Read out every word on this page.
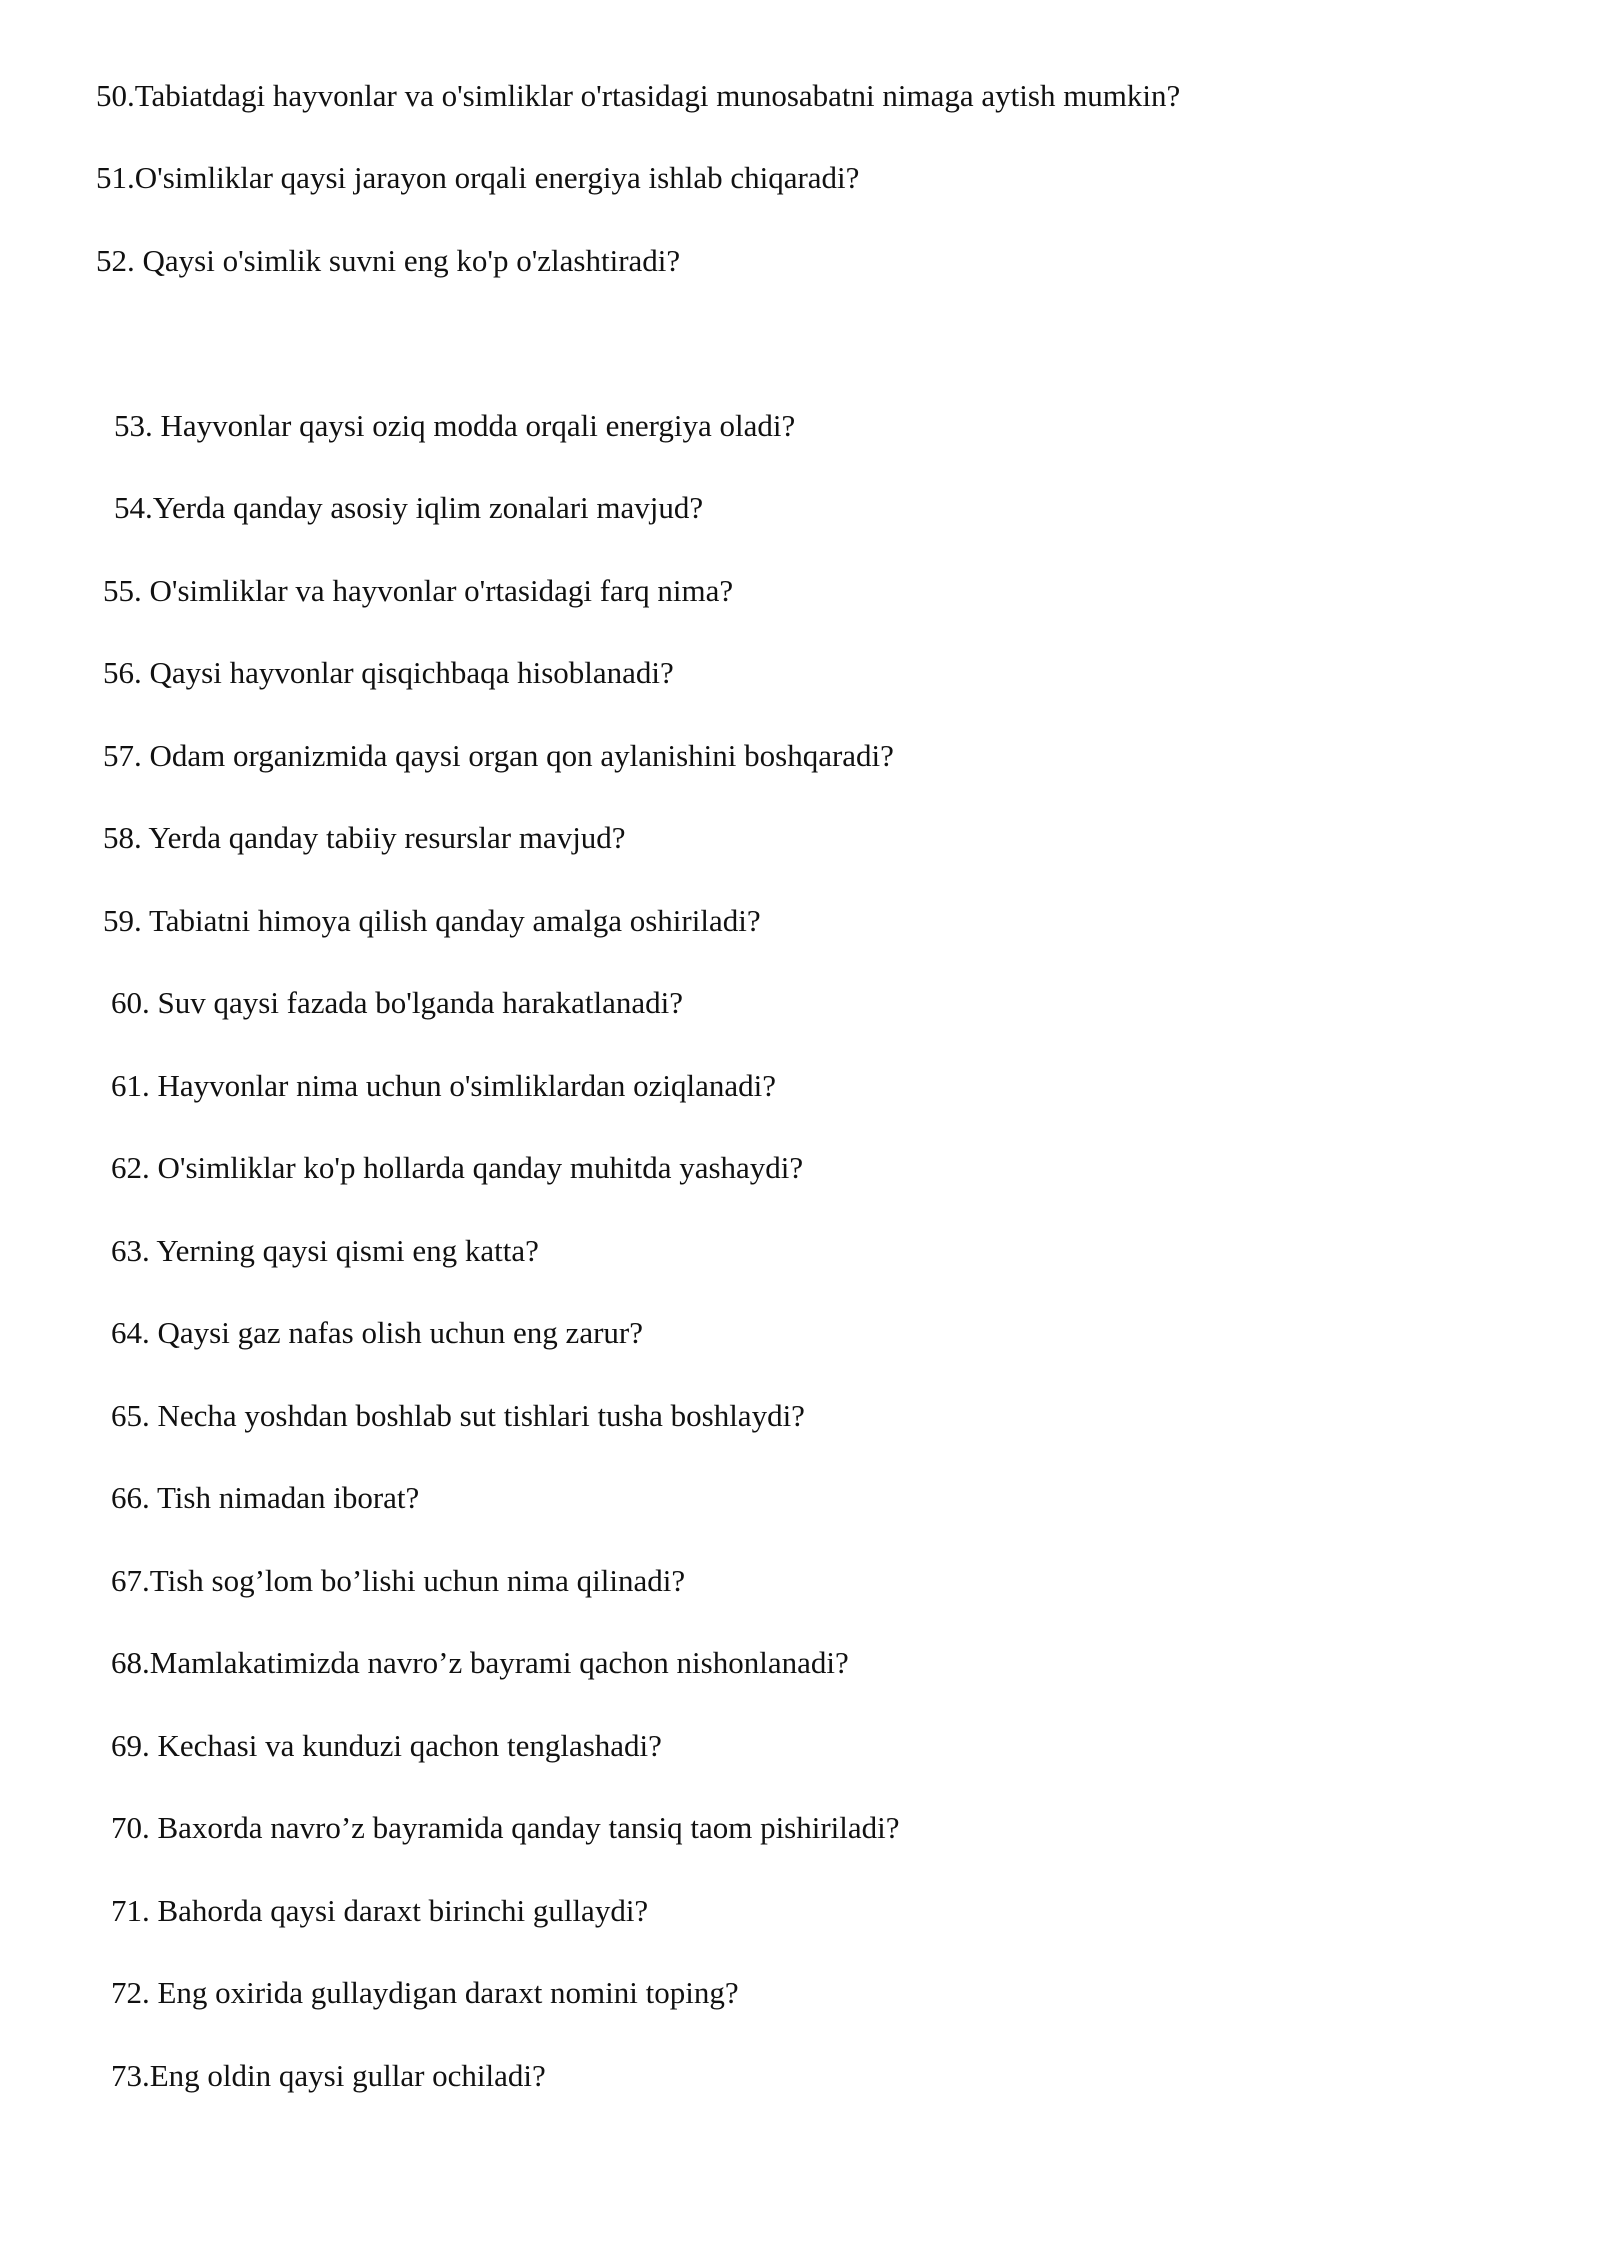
50.Tabiatdagi hayvonlar va o'simliklar o'rtasidagi munosabatni nimaga aytish mumkin?
51.O'simliklar qaysi jarayon orqali energiya ishlab chiqaradi?
52. Qaysi o'simlik suvni eng ko'p o'zlashtiradi?
53. Hayvonlar qaysi oziq modda orqali energiya oladi?
54.Yerda qanday asosiy iqlim zonalari mavjud?
55. O'simliklar va hayvonlar o'rtasidagi farq nima?
56. Qaysi hayvonlar qisqichbaqa hisoblanadi?
57. Odam organizmida qaysi organ qon aylanishini boshqaradi?
58. Yerda qanday tabiiy resurslar mavjud?
59. Tabiatni himoya qilish qanday amalga oshiriladi?
60. Suv qaysi fazada bo'lganda harakatlanadi?
61. Hayvonlar nima uchun o'simliklardan oziqlanadi?
62. O'simliklar ko'p hollarda qanday muhitda yashaydi?
63. Yerning qaysi qismi eng katta?
64. Qaysi gaz nafas olish uchun eng zarur?
65. Necha yoshdan boshlab sut tishlari tusha boshlaydi?
66. Tish nimadan iborat?
67.Tish sog’lom bo’lishi uchun nima qilinadi?
68.Mamlakatimizda navro’z bayrami qachon nishonlanadi?
69. Kechasi va kunduzi qachon tenglashadi?
70. Baxorda navro’z bayramida qanday tansiq taom pishiriladi?
71. Bahorda qaysi daraxt birinchi gullaydi?
72. Eng oxirida gullaydigan daraxt nomini toping?
73.Eng oldin qaysi gullar ochiladi?
